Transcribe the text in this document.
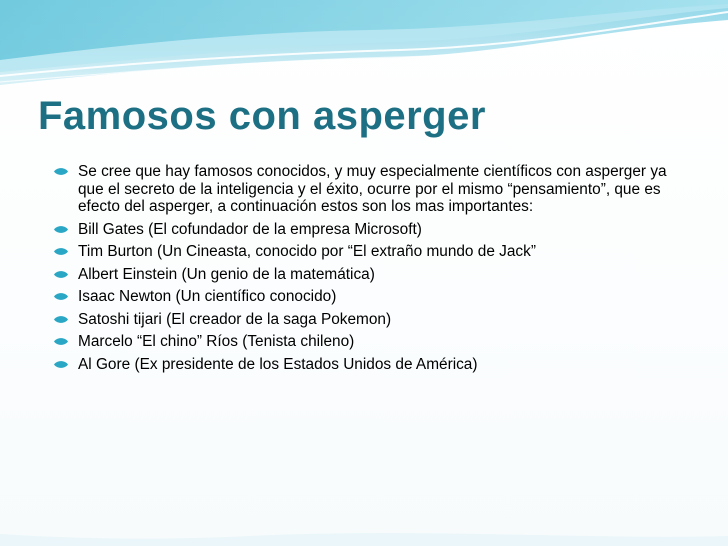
Famosos con asperger
Se cree que hay famosos conocidos, y muy especialmente científicos con asperger ya que el secreto de la inteligencia y el éxito, ocurre por el mismo “pensamiento”, que es efecto del asperger, a continuación estos son los mas importantes:
Bill Gates (El cofundador de la empresa Microsoft)
Tim Burton (Un Cineasta, conocido por “El extraño mundo de Jack”
Albert Einstein (Un genio de la matemática)
Isaac Newton (Un científico conocido)
Satoshi tijari (El creador de la saga Pokemon)
Marcelo “El chino” Ríos (Tenista chileno)
Al Gore (Ex presidente de los Estados Unidos de América)
